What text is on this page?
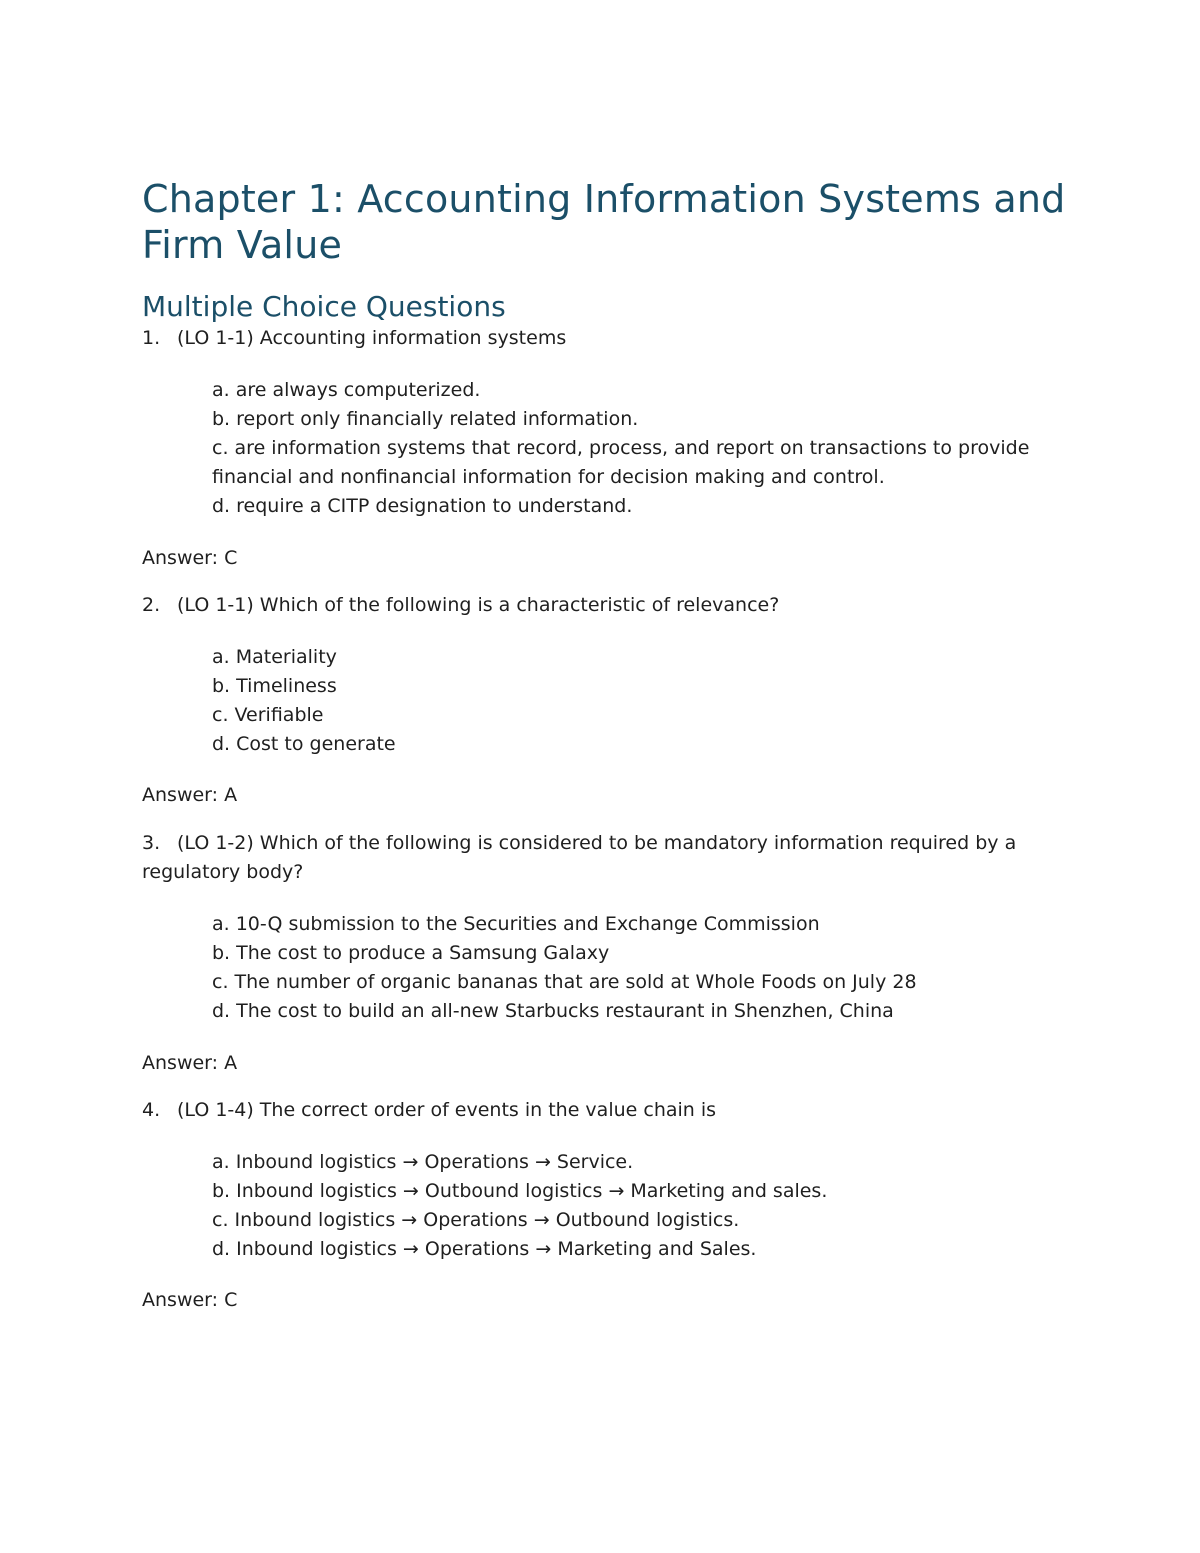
Chapter 1: Accounting Information Systems and Firm Value
Multiple Choice Questions
1. (LO 1-1) Accounting information systems
a. are always computerized.
b. report only financially related information.
c. are information systems that record, process, and report on transactions to provide financial and nonfinancial information for decision making and control.
d. require a CITP designation to understand.
Answer: C
2. (LO 1-1) Which of the following is a characteristic of relevance?
a. Materiality
b. Timeliness
c. Verifiable
d. Cost to generate
Answer: A
3. (LO 1-2) Which of the following is considered to be mandatory information required by a regulatory body?
a. 10-Q submission to the Securities and Exchange Commission
b. The cost to produce a Samsung Galaxy
c. The number of organic bananas that are sold at Whole Foods on July 28
d. The cost to build an all-new Starbucks restaurant in Shenzhen, China
Answer: A
4. (LO 1-4) The correct order of events in the value chain is
a. Inbound logistics → Operations → Service.
b. Inbound logistics → Outbound logistics → Marketing and sales.
c. Inbound logistics → Operations → Outbound logistics.
d. Inbound logistics → Operations → Marketing and Sales.
Answer: C
